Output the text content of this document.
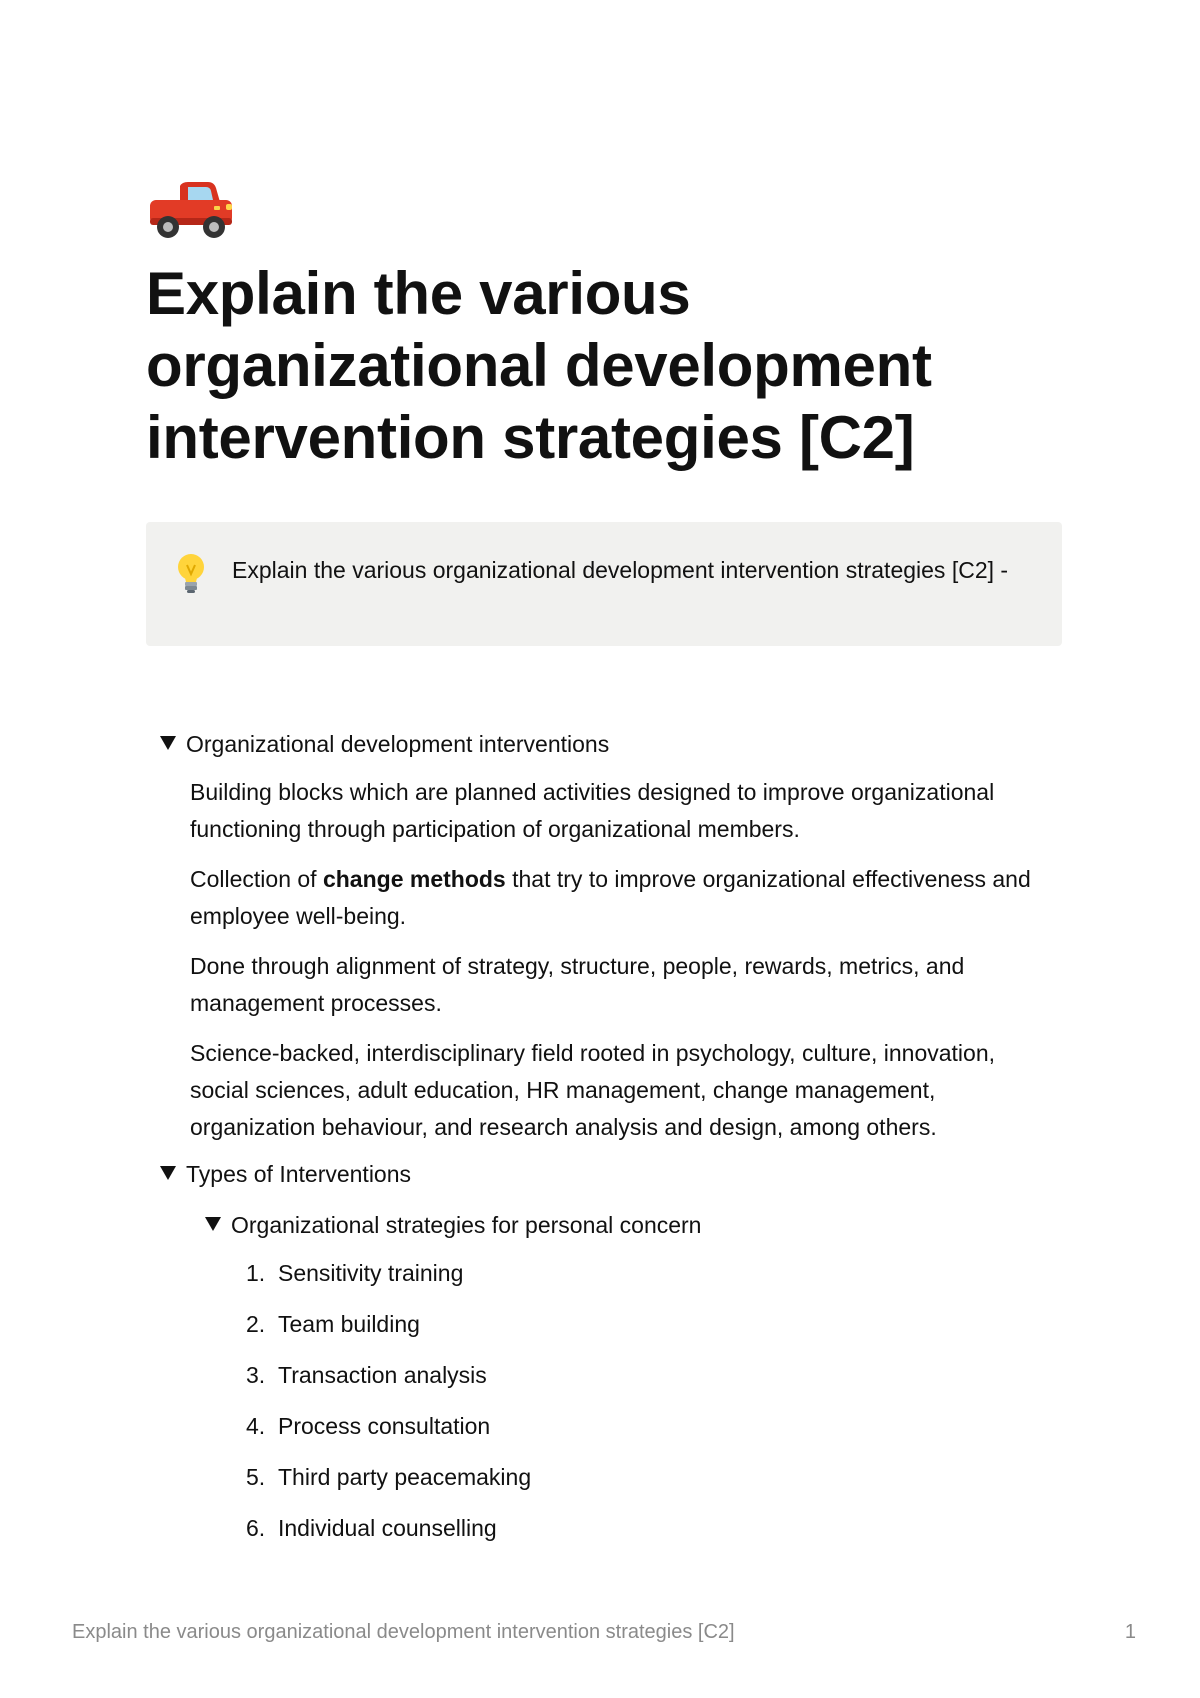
Explain the various organizational development intervention strategies [C2]
Explain the various organizational development intervention strategies [C2] -
Organizational development interventions

Building blocks which are planned activities designed to improve organizational functioning through participation of organizational members.

Collection of change methods that try to improve organizational effectiveness and employee well-being.

Done through alignment of strategy, structure, people, rewards, metrics, and management processes.

Science-backed, interdisciplinary field rooted in psychology, culture, innovation, social sciences, adult education, HR management, change management, organization behaviour, and research analysis and design, among others.

Types of Interventions
Organizational strategies for personal concern
1. Sensitivity training
2. Team building
3. Transaction analysis
4. Process consultation
5. Third party peacemaking
6. Individual counselling
Explain the various organizational development intervention strategies [C2]	1
